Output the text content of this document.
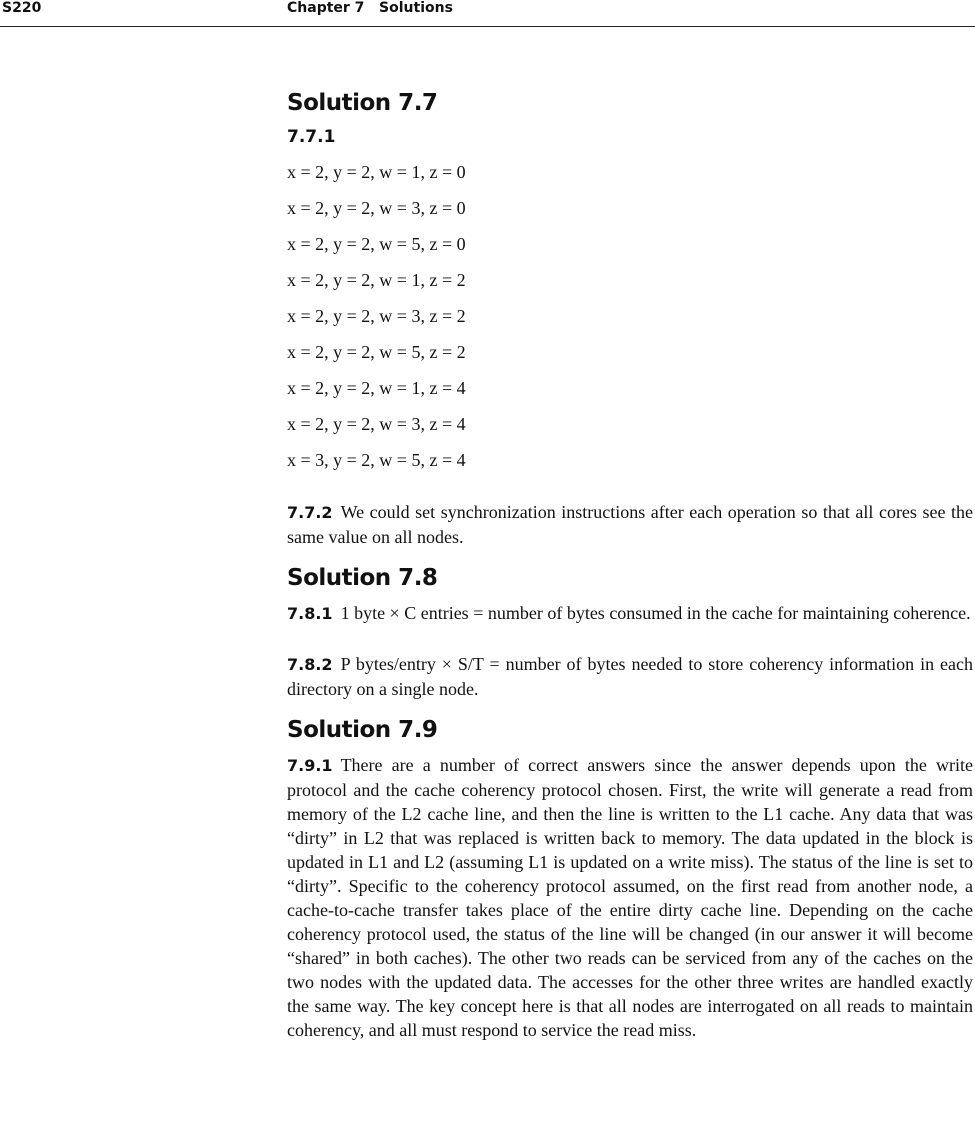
S220	Chapter 7   Solutions
Solution 7.7
7.7.1
x = 2, y = 2, w = 1, z = 0
x = 2, y = 2, w = 3, z = 0
x = 2, y = 2, w = 5, z = 0
x = 2, y = 2, w = 1, z = 2
x = 2, y = 2, w = 3, z = 2
x = 2, y = 2, w = 5, z = 2
x = 2, y = 2, w = 1, z = 4
x = 2, y = 2, w = 3, z = 4
x = 3, y = 2, w = 5, z = 4

7.7.2 We could set synchronization instructions after each operation so that all cores see the same value on all nodes.

Solution 7.8

7.8.1 1 byte × C entries = number of bytes consumed in the cache for maintaining coherence.

7.8.2 P bytes/entry × S/T = number of bytes needed to store coherency information in each directory on a single node.

Solution 7.9

7.9.1 There are a number of correct answers since the answer depends upon the write protocol and the cache coherency protocol chosen. First, the write will generate a read from memory of the L2 cache line, and then the line is written to the L1 cache. Any data that was “dirty” in L2 that was replaced is written back to memory. The data updated in the block is updated in L1 and L2 (assuming L1 is updated on a write miss). The status of the line is set to “dirty”. Specific to the coherency protocol assumed, on the first read from another node, a cache-to-cache transfer takes place of the entire dirty cache line. Depending on the cache coherency protocol used, the status of the line will be changed (in our answer it will become “shared” in both caches). The other two reads can be serviced from any of the caches on the two nodes with the updated data. The accesses for the other three writes are handled exactly the same way. The key concept here is that all nodes are interrogated on all reads to maintain coherency, and all must respond to service the read miss.
